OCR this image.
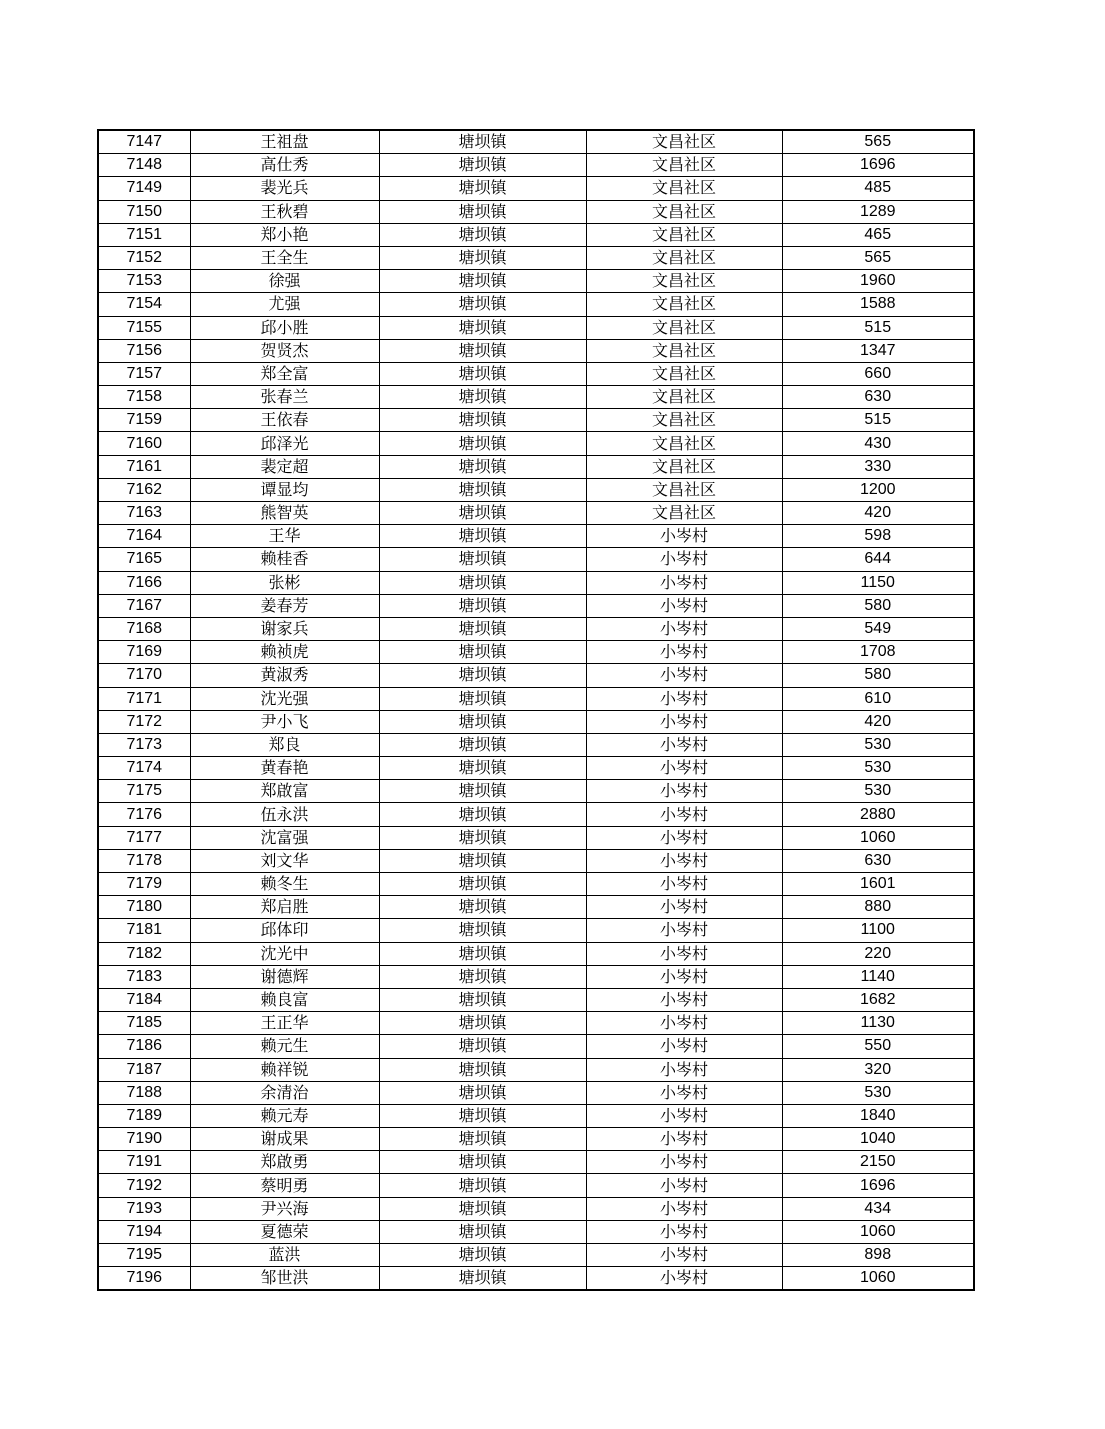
7147	王祖盘	塘坝镇	文昌社区	565
7148	高仕秀	塘坝镇	文昌社区	1696
7149	裴光兵	塘坝镇	文昌社区	485
7150	王秋碧	塘坝镇	文昌社区	1289
7151	郑小艳	塘坝镇	文昌社区	465
7152	王全生	塘坝镇	文昌社区	565
7153	徐强	塘坝镇	文昌社区	1960
7154	尤强	塘坝镇	文昌社区	1588
7155	邱小胜	塘坝镇	文昌社区	515
7156	贺贤杰	塘坝镇	文昌社区	1347
7157	郑全富	塘坝镇	文昌社区	660
7158	张春兰	塘坝镇	文昌社区	630
7159	王依春	塘坝镇	文昌社区	515
7160	邱泽光	塘坝镇	文昌社区	430
7161	裴定超	塘坝镇	文昌社区	330
7162	谭显均	塘坝镇	文昌社区	1200
7163	熊智英	塘坝镇	文昌社区	420
7164	王华	塘坝镇	小岑村	598
7165	赖桂香	塘坝镇	小岑村	644
7166	张彬	塘坝镇	小岑村	1150
7167	姜春芳	塘坝镇	小岑村	580
7168	谢家兵	塘坝镇	小岑村	549
7169	赖祯虎	塘坝镇	小岑村	1708
7170	黄淑秀	塘坝镇	小岑村	580
7171	沈光强	塘坝镇	小岑村	610
7172	尹小飞	塘坝镇	小岑村	420
7173	郑良	塘坝镇	小岑村	530
7174	黄春艳	塘坝镇	小岑村	530
7175	郑啟富	塘坝镇	小岑村	530
7176	伍永洪	塘坝镇	小岑村	2880
7177	沈富强	塘坝镇	小岑村	1060
7178	刘文华	塘坝镇	小岑村	630
7179	赖冬生	塘坝镇	小岑村	1601
7180	郑启胜	塘坝镇	小岑村	880
7181	邱体印	塘坝镇	小岑村	1100
7182	沈光中	塘坝镇	小岑村	220
7183	谢德辉	塘坝镇	小岑村	1140
7184	赖良富	塘坝镇	小岑村	1682
7185	王正华	塘坝镇	小岑村	1130
7186	赖元生	塘坝镇	小岑村	550
7187	赖祥锐	塘坝镇	小岑村	320
7188	余清治	塘坝镇	小岑村	530
7189	赖元寿	塘坝镇	小岑村	1840
7190	谢成果	塘坝镇	小岑村	1040
7191	郑啟勇	塘坝镇	小岑村	2150
7192	蔡明勇	塘坝镇	小岑村	1696
7193	尹兴海	塘坝镇	小岑村	434
7194	夏德荣	塘坝镇	小岑村	1060
7195	蓝洪	塘坝镇	小岑村	898
7196	邹世洪	塘坝镇	小岑村	1060
